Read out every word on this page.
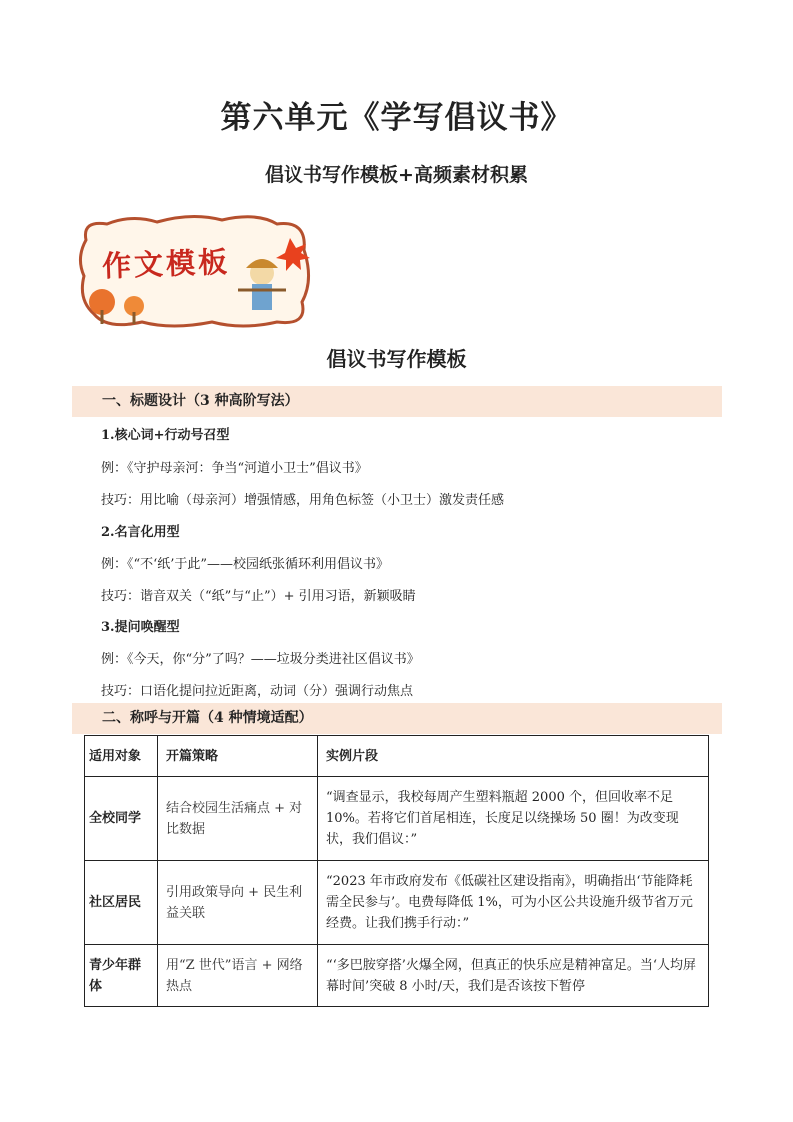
第六单元《学写倡议书》
倡议书写作模板+高频素材积累
作文模板
倡议书写作模板
一、标题设计（3 种高阶写法）
1.核心词+行动号召型
例：《守护母亲河：争当“河道小卫士”倡议书》
技巧：用比喻（母亲河）增强情感，用角色标签（小卫士）激发责任感
2.名言化用型
例：《“不‘纸’于此”——校园纸张循环利用倡议书》
技巧：谐音双关（“纸”与“止”）+ 引用习语，新颖吸睛
3.提问唤醒型
例：《今天，你“分”了吗？——垃圾分类进社区倡议书》
技巧：口语化提问拉近距离，动词（分）强调行动焦点
二、称呼与开篇（4 种情境适配）
适用对象	开篇策略	实例片段
全校同学	结合校园生活痛点 + 对比数据	“调查显示，我校每周产生塑料瓶超 2000 个，但回收率不足 10%。若将它们首尾相连，长度足以绕操场 50 圈！为改变现状，我们倡议：”
社区居民	引用政策导向 + 民生利益关联	“2023 年市政府发布《低碳社区建设指南》，明确指出‘节能降耗需全民参与’。电费每降低 1%，可为小区公共设施升级节省万元经费。让我们携手行动：”
青少年群体	用“Z 世代”语言 + 网络热点	“‘多巴胺穿搭’火爆全网，但真正的快乐应是精神富足。当‘人均屏幕时间’突破 8 小时/天，我们是否该按下暂停
